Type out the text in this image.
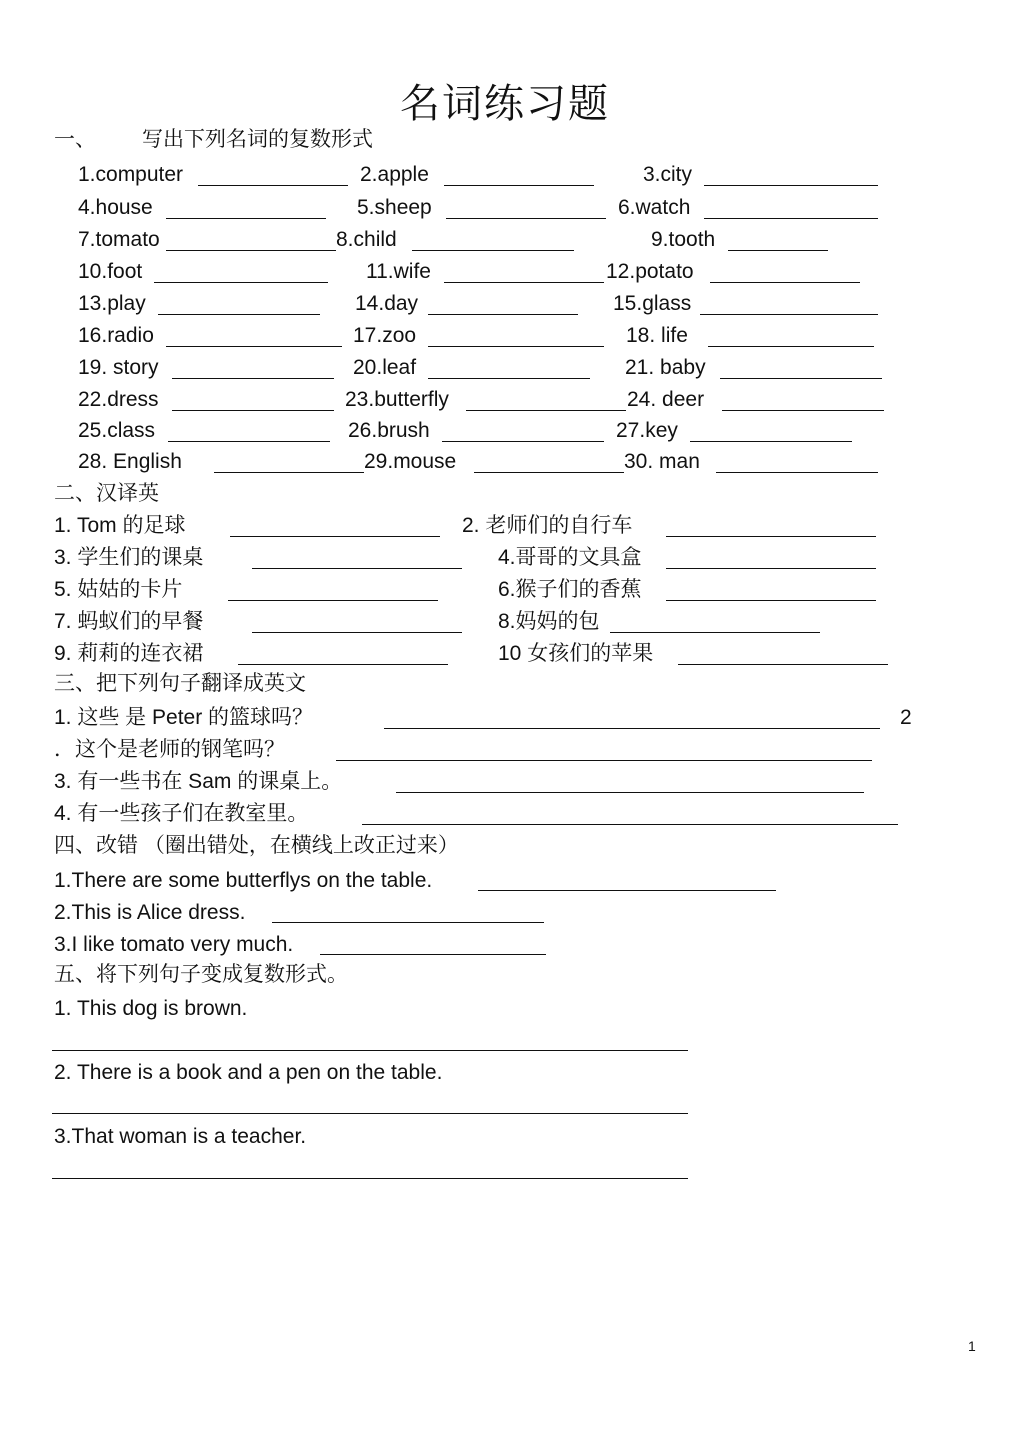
名词练习题
一、 写出下列名词的复数形式
1.computer	2.apple	3.city
4.house	5.sheep	6.watch
7.tomato	8.child	9.tooth
10.foot	11.wife	12.potato
13.play	14.day	15.glass
16.radio	17.zoo	18. life
19. story	20.leaf	21. baby
22.dress	23.butterfly	24. deer
25.class	26.brush	27.key
28. English	29.mouse	30. man
二、汉译英
1. Tom 的足球	2. 老师们的自行车
3. 学生们的课桌	4.哥哥的文具盒
5. 姑姑的卡片	6.猴子们的香蕉
7. 蚂蚁们的早餐	8.妈妈的包
9. 莉莉的连衣裙	10 女孩们的苹果
三、把下列句子翻译成英文
1. 这些 是 Peter 的篮球吗？	2
．这个是老师的钢笔吗？
3. 有一些书在 Sam 的课桌上。
4. 有一些孩子们在教室里。
四、改错 （圈出错处，在横线上改正过来）
1.There are some butterflys on the table.
2.This is Alice dress.
3.I like tomato very much.
五、将下列句子变成复数形式。
1. This dog is brown.
2. There is a book and a pen on the table.
3.That woman is a teacher.
1
